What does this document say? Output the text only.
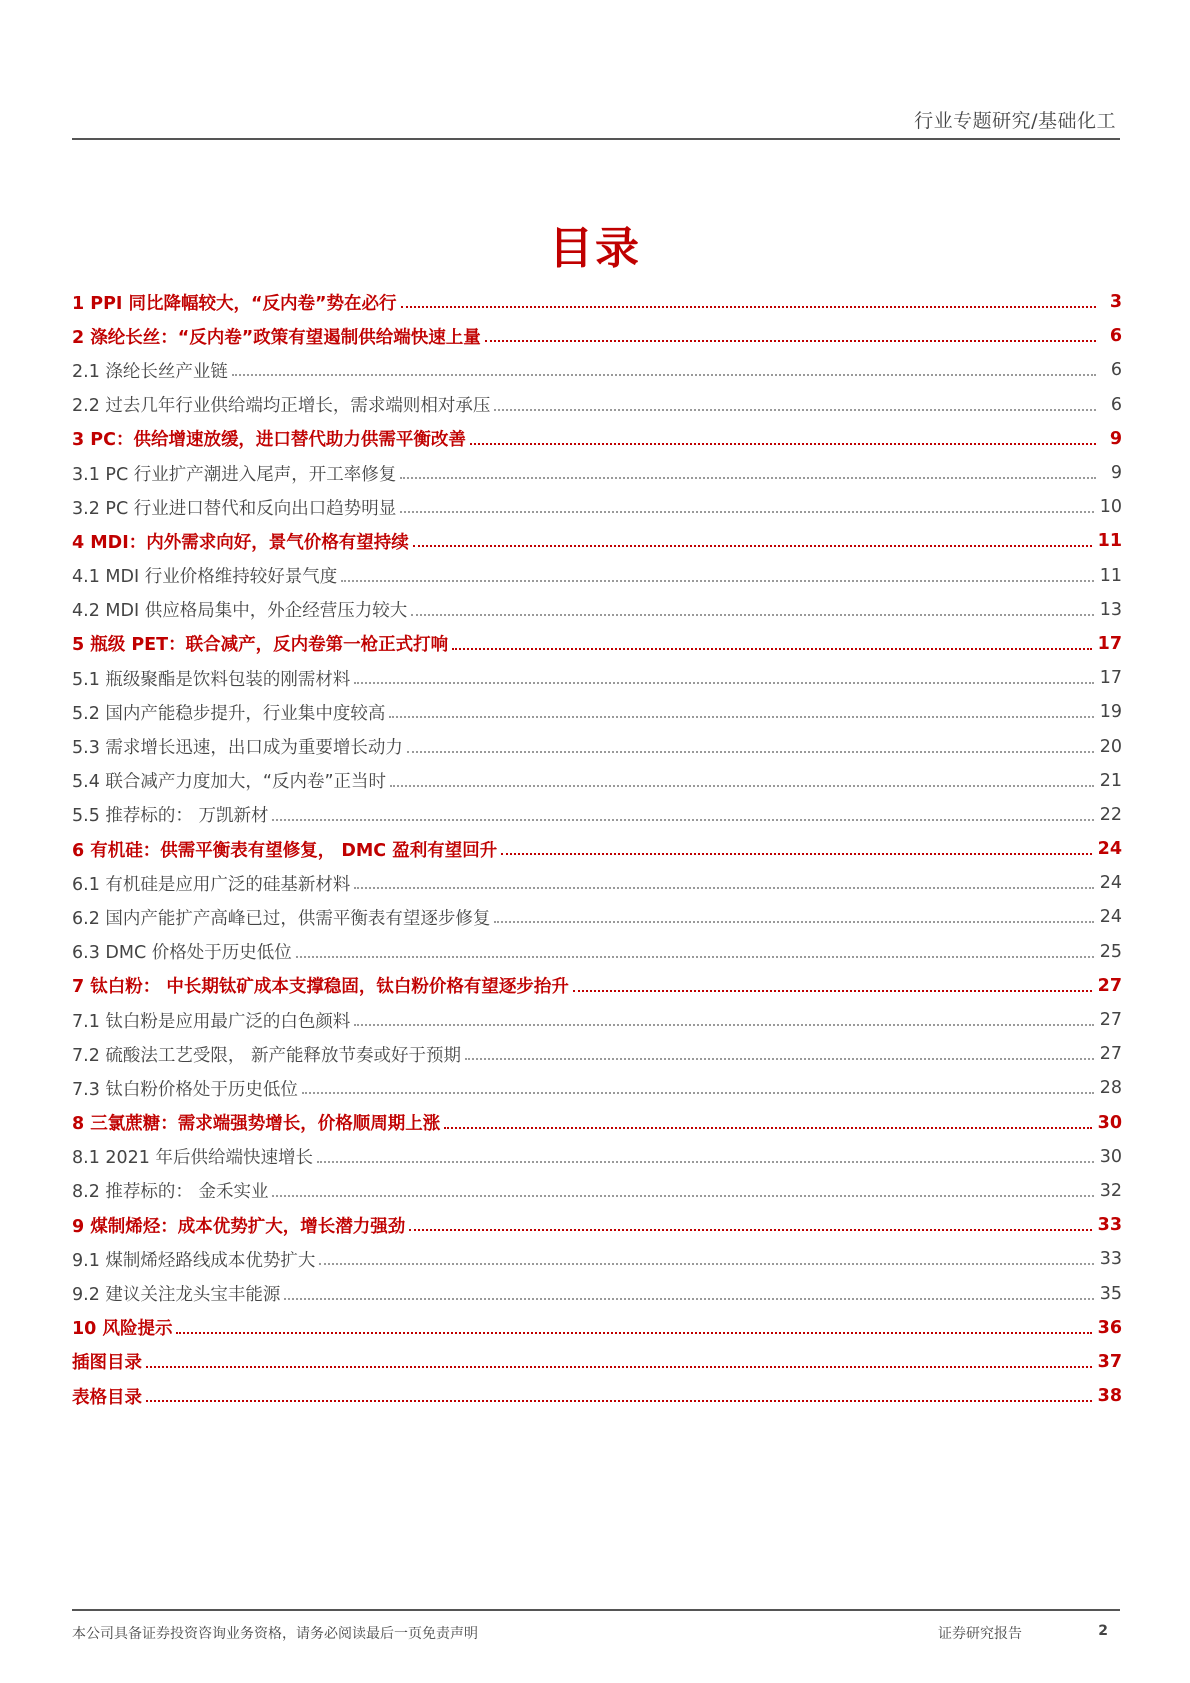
行业专题研究/基础化工
目录
1 PPI 同比降幅较大，“反内卷”势在必行	3
2 涤纶长丝：“反内卷”政策有望遏制供给端快速上量	6
2.1 涤纶长丝产业链	6
2.2 过去几年行业供给端均正增长，需求端则相对承压	6
3 PC：供给增速放缓，进口替代助力供需平衡改善	9
3.1 PC 行业扩产潮进入尾声，开工率修复	9
3.2 PC 行业进口替代和反向出口趋势明显	10
4 MDI：内外需求向好，景气价格有望持续	11
4.1 MDI 行业价格维持较好景气度	11
4.2 MDI 供应格局集中，外企经营压力较大	13
5 瓶级 PET：联合减产，反内卷第一枪正式打响	17
5.1 瓶级聚酯是饮料包装的刚需材料	17
5.2 国内产能稳步提升，行业集中度较高	19
5.3 需求增长迅速，出口成为重要增长动力	20
5.4 联合减产力度加大，“反内卷”正当时	21
5.5 推荐标的： 万凯新材	22
6 有机硅：供需平衡表有望修复， DMC 盈利有望回升	24
6.1 有机硅是应用广泛的硅基新材料	24
6.2 国内产能扩产高峰已过，供需平衡表有望逐步修复	24
6.3 DMC 价格处于历史低位	25
7 钛白粉： 中长期钛矿成本支撑稳固，钛白粉价格有望逐步抬升	27
7.1 钛白粉是应用最广泛的白色颜料	27
7.2 硫酸法工艺受限， 新产能释放节奏或好于预期	27
7.3 钛白粉价格处于历史低位	28
8 三氯蔗糖：需求端强势增长，价格顺周期上涨	30
8.1 2021 年后供给端快速增长	30
8.2 推荐标的： 金禾实业	32
9 煤制烯烃：成本优势扩大，增长潜力强劲	33
9.1 煤制烯烃路线成本优势扩大	33
9.2 建议关注龙头宝丰能源	35
10 风险提示	36
插图目录	37
表格目录	38
本公司具备证券投资咨询业务资格，请务必阅读最后一页免责声明	证券研究报告	2
